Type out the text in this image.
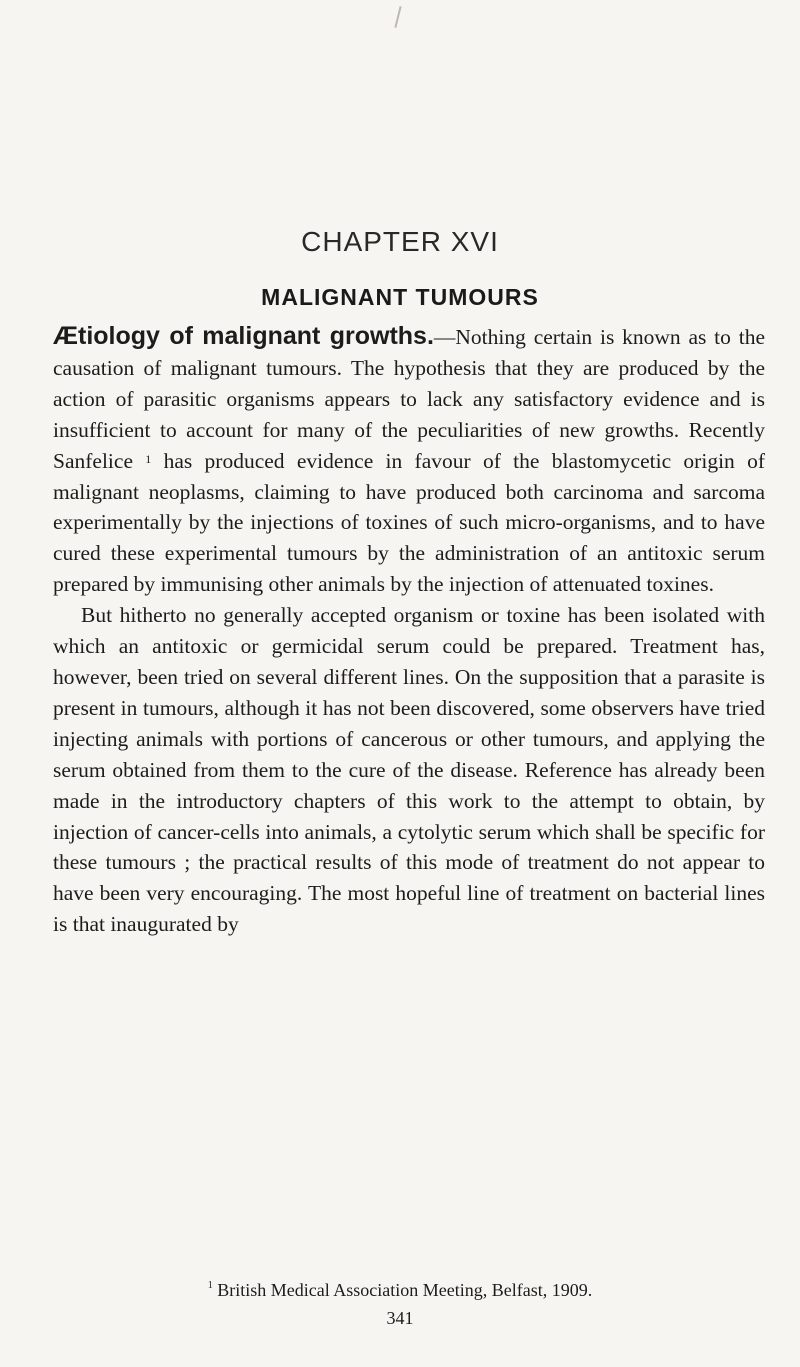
CHAPTER XVI
MALIGNANT TUMOURS

Ætiology of malignant growths.—Nothing certain is known as to the causation of malignant tumours. The hypothesis that they are produced by the action of parasitic organisms appears to lack any satisfactory evidence and is insufficient to account for many of the peculiarities of new growths. Recently Sanfelice $^1$ has produced evidence in favour of the blastomycetic origin of malignant neoplasms, claiming to have produced both carcinoma and sarcoma experimentally by the injections of toxines of such micro-organisms, and to have cured these experimental tumours by the administration of an antitoxic serum prepared by immunising other animals by the injection of attenuated toxines.

But hitherto no generally accepted organism or toxine has been isolated with which an antitoxic or germicidal serum could be prepared. Treatment has, however, been tried on several different lines. On the supposition that a parasite is present in tumours, although it has not been discovered, some observers have tried injecting animals with portions of cancerous or other tumours, and applying the serum obtained from them to the cure of the disease. Reference has already been made in the introductory chapters of this work to the attempt to obtain, by injection of cancer-cells into animals, a cytolytic serum which shall be specific for these tumours ; the practical results of this mode of treatment do not appear to have been very encouraging. The most hopeful line of treatment on bacterial lines is that inaugurated by

$^1$ British Medical Association Meeting, Belfast, 1909.
341
